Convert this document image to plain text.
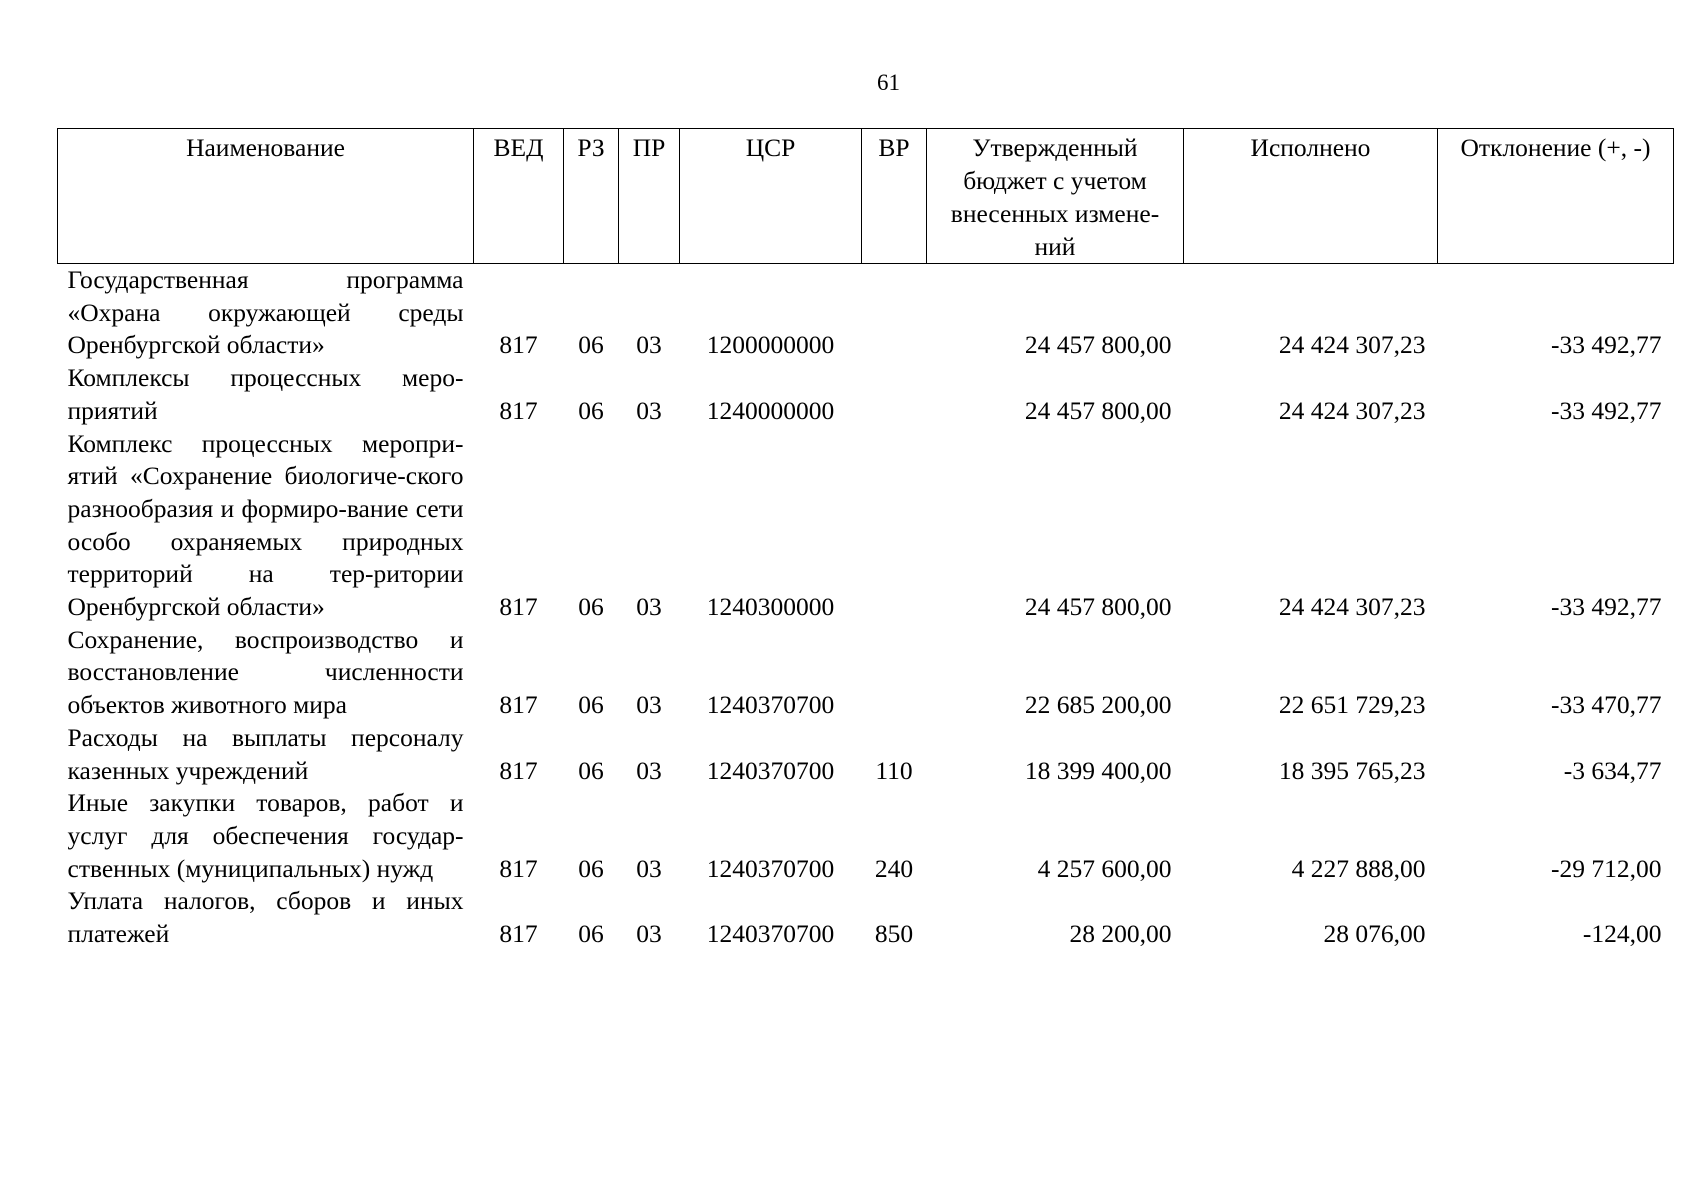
61
Наименование	ВЕД	РЗ	ПР	ЦСР	ВР	Утвержденный бюджет с учетом внесенных измене-ний	Исполнено	Отклонение (+, -)
Государственная программа «Охрана окружающей среды Оренбургской области»	817	06	03	1200000000		24 457 800,00	24 424 307,23	-33 492,77
Комплексы процессных меро-приятий	817	06	03	1240000000		24 457 800,00	24 424 307,23	-33 492,77
Комплекс процессных меропри-ятий «Сохранение биологиче-ского разнообразия и формиро-вание сети особо охраняемых природных территорий на тер-ритории Оренбургской области»	817	06	03	1240300000		24 457 800,00	24 424 307,23	-33 492,77
Сохранение, воспроизводство и восстановление численности объектов животного мира	817	06	03	1240370700		22 685 200,00	22 651 729,23	-33 470,77
Расходы на выплаты персоналу казенных учреждений	817	06	03	1240370700	110	18 399 400,00	18 395 765,23	-3 634,77
Иные закупки товаров, работ и услуг для обеспечения государ-ственных (муниципальных) нужд	817	06	03	1240370700	240	4 257 600,00	4 227 888,00	-29 712,00
Уплата налогов, сборов и иных платежей	817	06	03	1240370700	850	28 200,00	28 076,00	-124,00
